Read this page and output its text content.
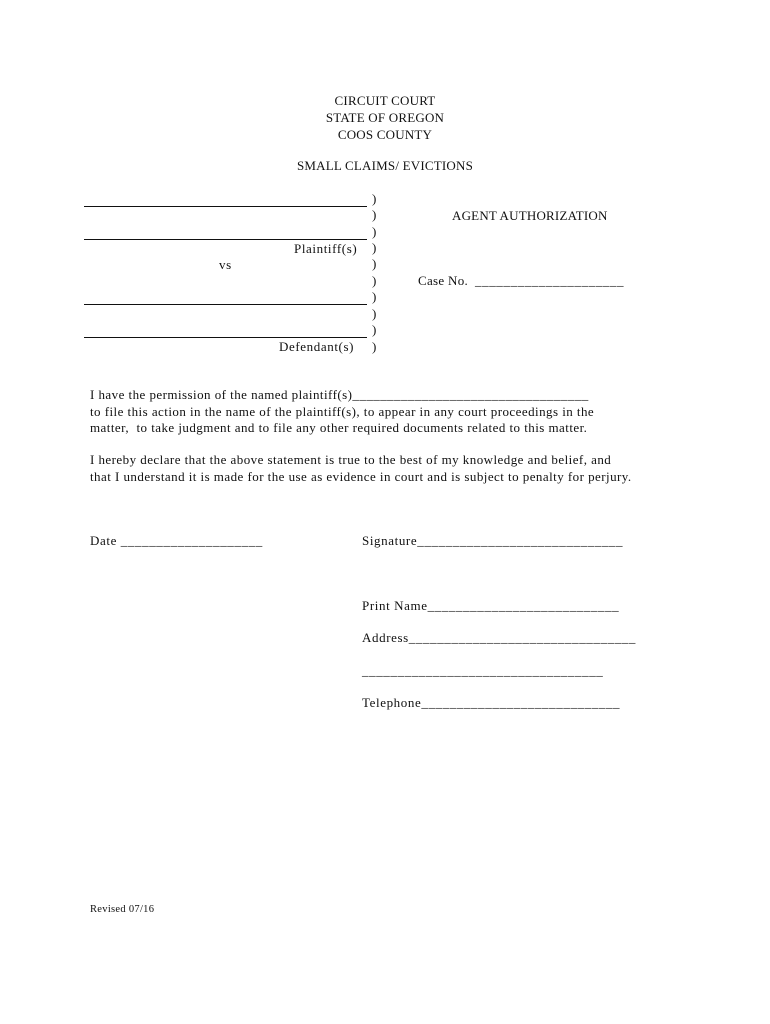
CIRCUIT COURT
STATE OF OREGON
COOS COUNTY
SMALL CLAIMS/ EVICTIONS
)
)
)
)
)
)
)
)
)
)
Plaintiff(s)
vs
Defendant(s)
AGENT AUTHORIZATION
Case No. _____________________
I have the permission of the named plaintiff(s)__________________________________
to file this action in the name of the plaintiff(s), to appear in any court proceedings in the
matter,  to take judgment and to file any other required documents related to this matter.
I hereby declare that the above statement is true to the best of my knowledge and belief, and
that I understand it is made for the use as evidence in court and is subject to penalty for perjury.
Date ____________________	Signature_____________________________
Print Name___________________________
Address________________________________
__________________________________
Telephone____________________________
Revised 07/16
